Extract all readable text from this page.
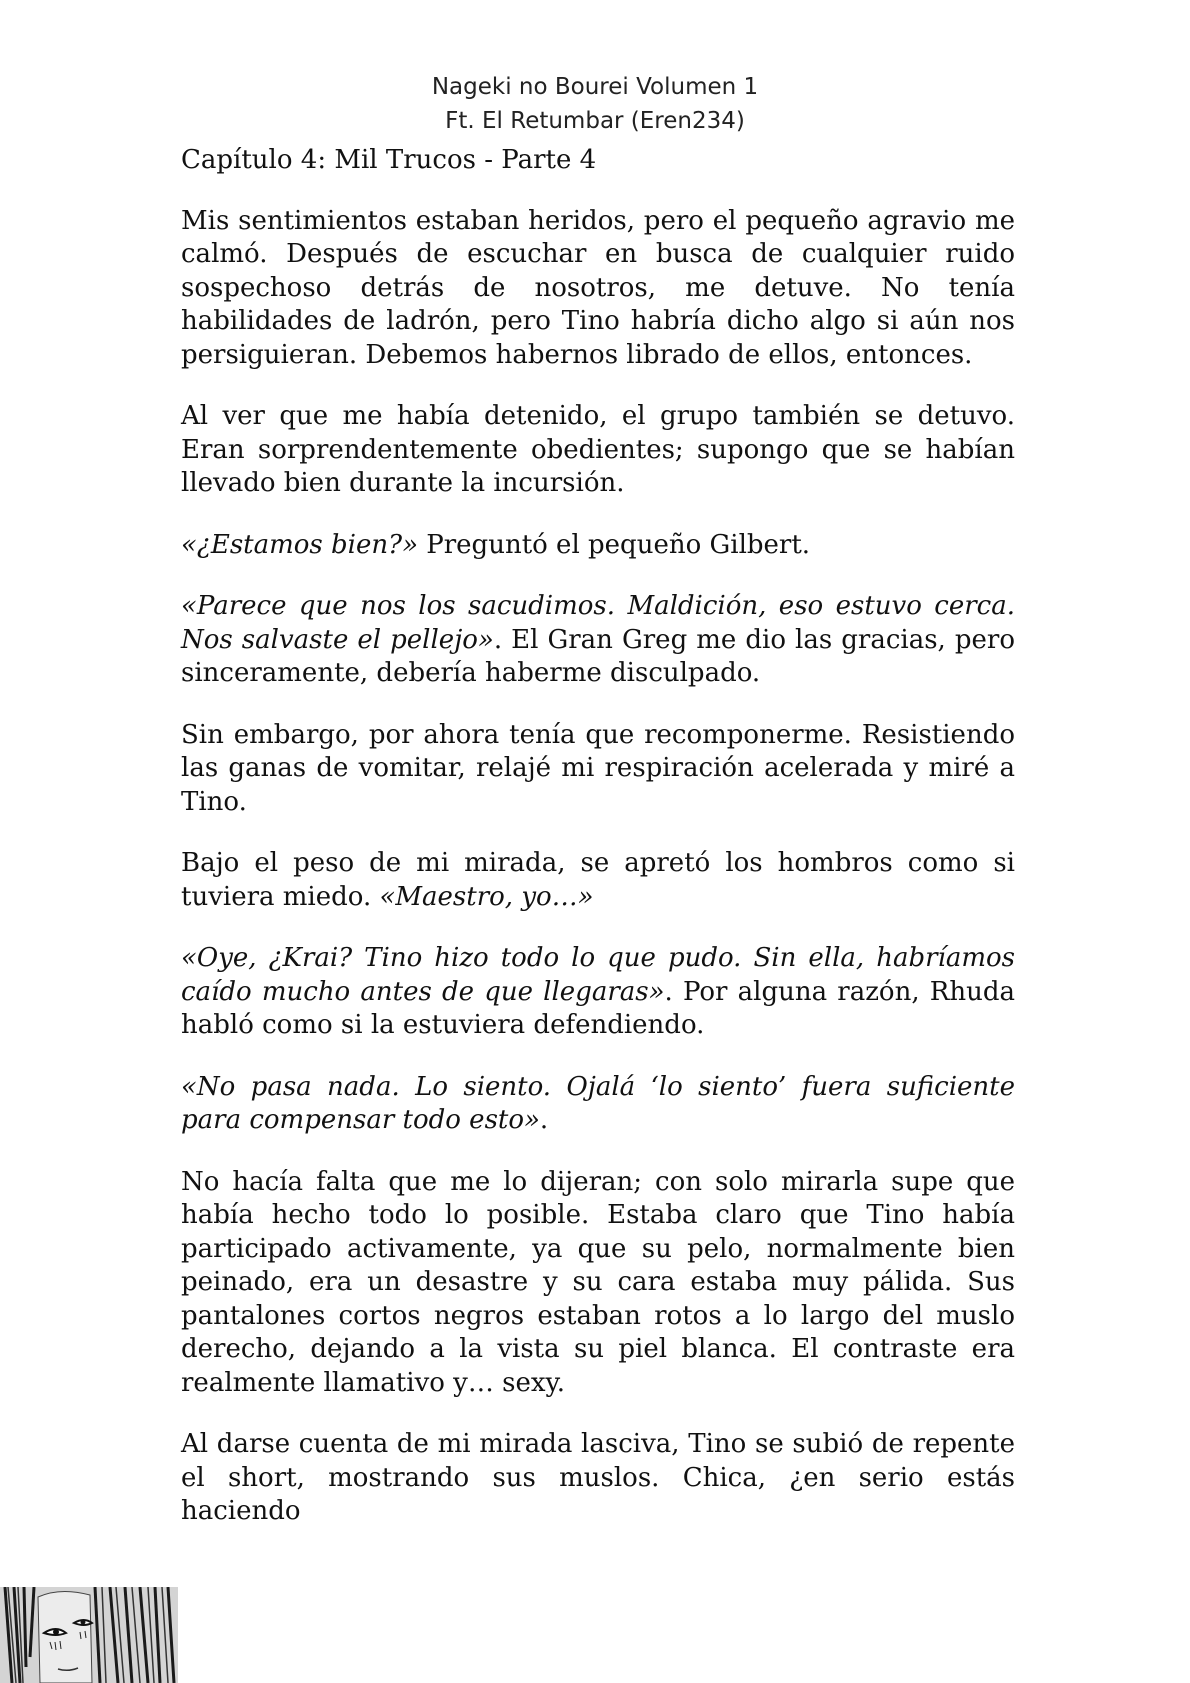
Nageki no Bourei Volumen 1
Ft. El Retumbar (Eren234)
Capítulo 4: Mil Trucos - Parte 4
Mis sentimientos estaban heridos, pero el pequeño agravio me calmó. Después de escuchar en busca de cualquier ruido sospechoso detrás de nosotros, me detuve. No tenía habilidades de ladrón, pero Tino habría dicho algo si aún nos persiguieran. Debemos habernos librado de ellos, entonces.
Al ver que me había detenido, el grupo también se detuvo. Eran sorprendentemente obedientes; supongo que se habían llevado bien durante la incursión.
«¿Estamos bien?» Preguntó el pequeño Gilbert.
«Parece que nos los sacudimos. Maldición, eso estuvo cerca. Nos salvaste el pellejo». El Gran Greg me dio las gracias, pero sinceramente, debería haberme disculpado.
Sin embargo, por ahora tenía que recomponerme. Resistiendo las ganas de vomitar, relajé mi respiración acelerada y miré a Tino.
Bajo el peso de mi mirada, se apretó los hombros como si tuviera miedo. «Maestro, yo…»
«Oye, ¿Krai? Tino hizo todo lo que pudo. Sin ella, habríamos caído mucho antes de que llegaras». Por alguna razón, Rhuda habló como si la estuviera defendiendo.
«No pasa nada. Lo siento. Ojalá ‘lo siento’ fuera suficiente para compensar todo esto».
No hacía falta que me lo dijeran; con solo mirarla supe que había hecho todo lo posible. Estaba claro que Tino había participado activamente, ya que su pelo, normalmente bien peinado, era un desastre y su cara estaba muy pálida. Sus pantalones cortos negros estaban rotos a lo largo del muslo derecho, dejando a la vista su piel blanca. El contraste era realmente llamativo y… sexy.
Al darse cuenta de mi mirada lasciva, Tino se subió de repente el short, mostrando sus muslos. Chica, ¿en serio estás haciendo
